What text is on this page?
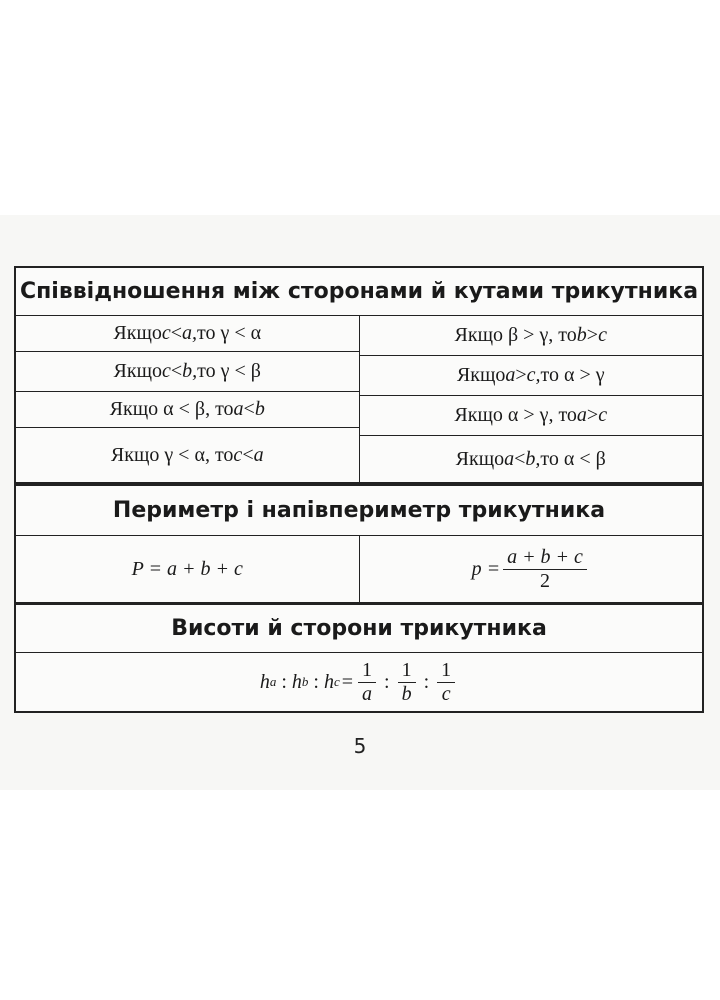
Співвідношення між сторонами й кутами трикутника
Якщо c < a, то γ < α
Якщо c < b, то γ < β
Якщо α < β, то a < b
Якщо γ < α, то c < a
Якщо β > γ, то b > c
Якщо a > c, то α > γ
Якщо α > γ, то a > c
Якщо a < b, то α < β
Периметр і напівпериметр трикутника
P = a + b + c	$p = \frac{a + b + c}{2}$
Висоти й сторони трикутника
h a : h b : h $c = \frac{1}{a}$ : $\frac{1}{b}$ : $\frac{1}{c}$
5
